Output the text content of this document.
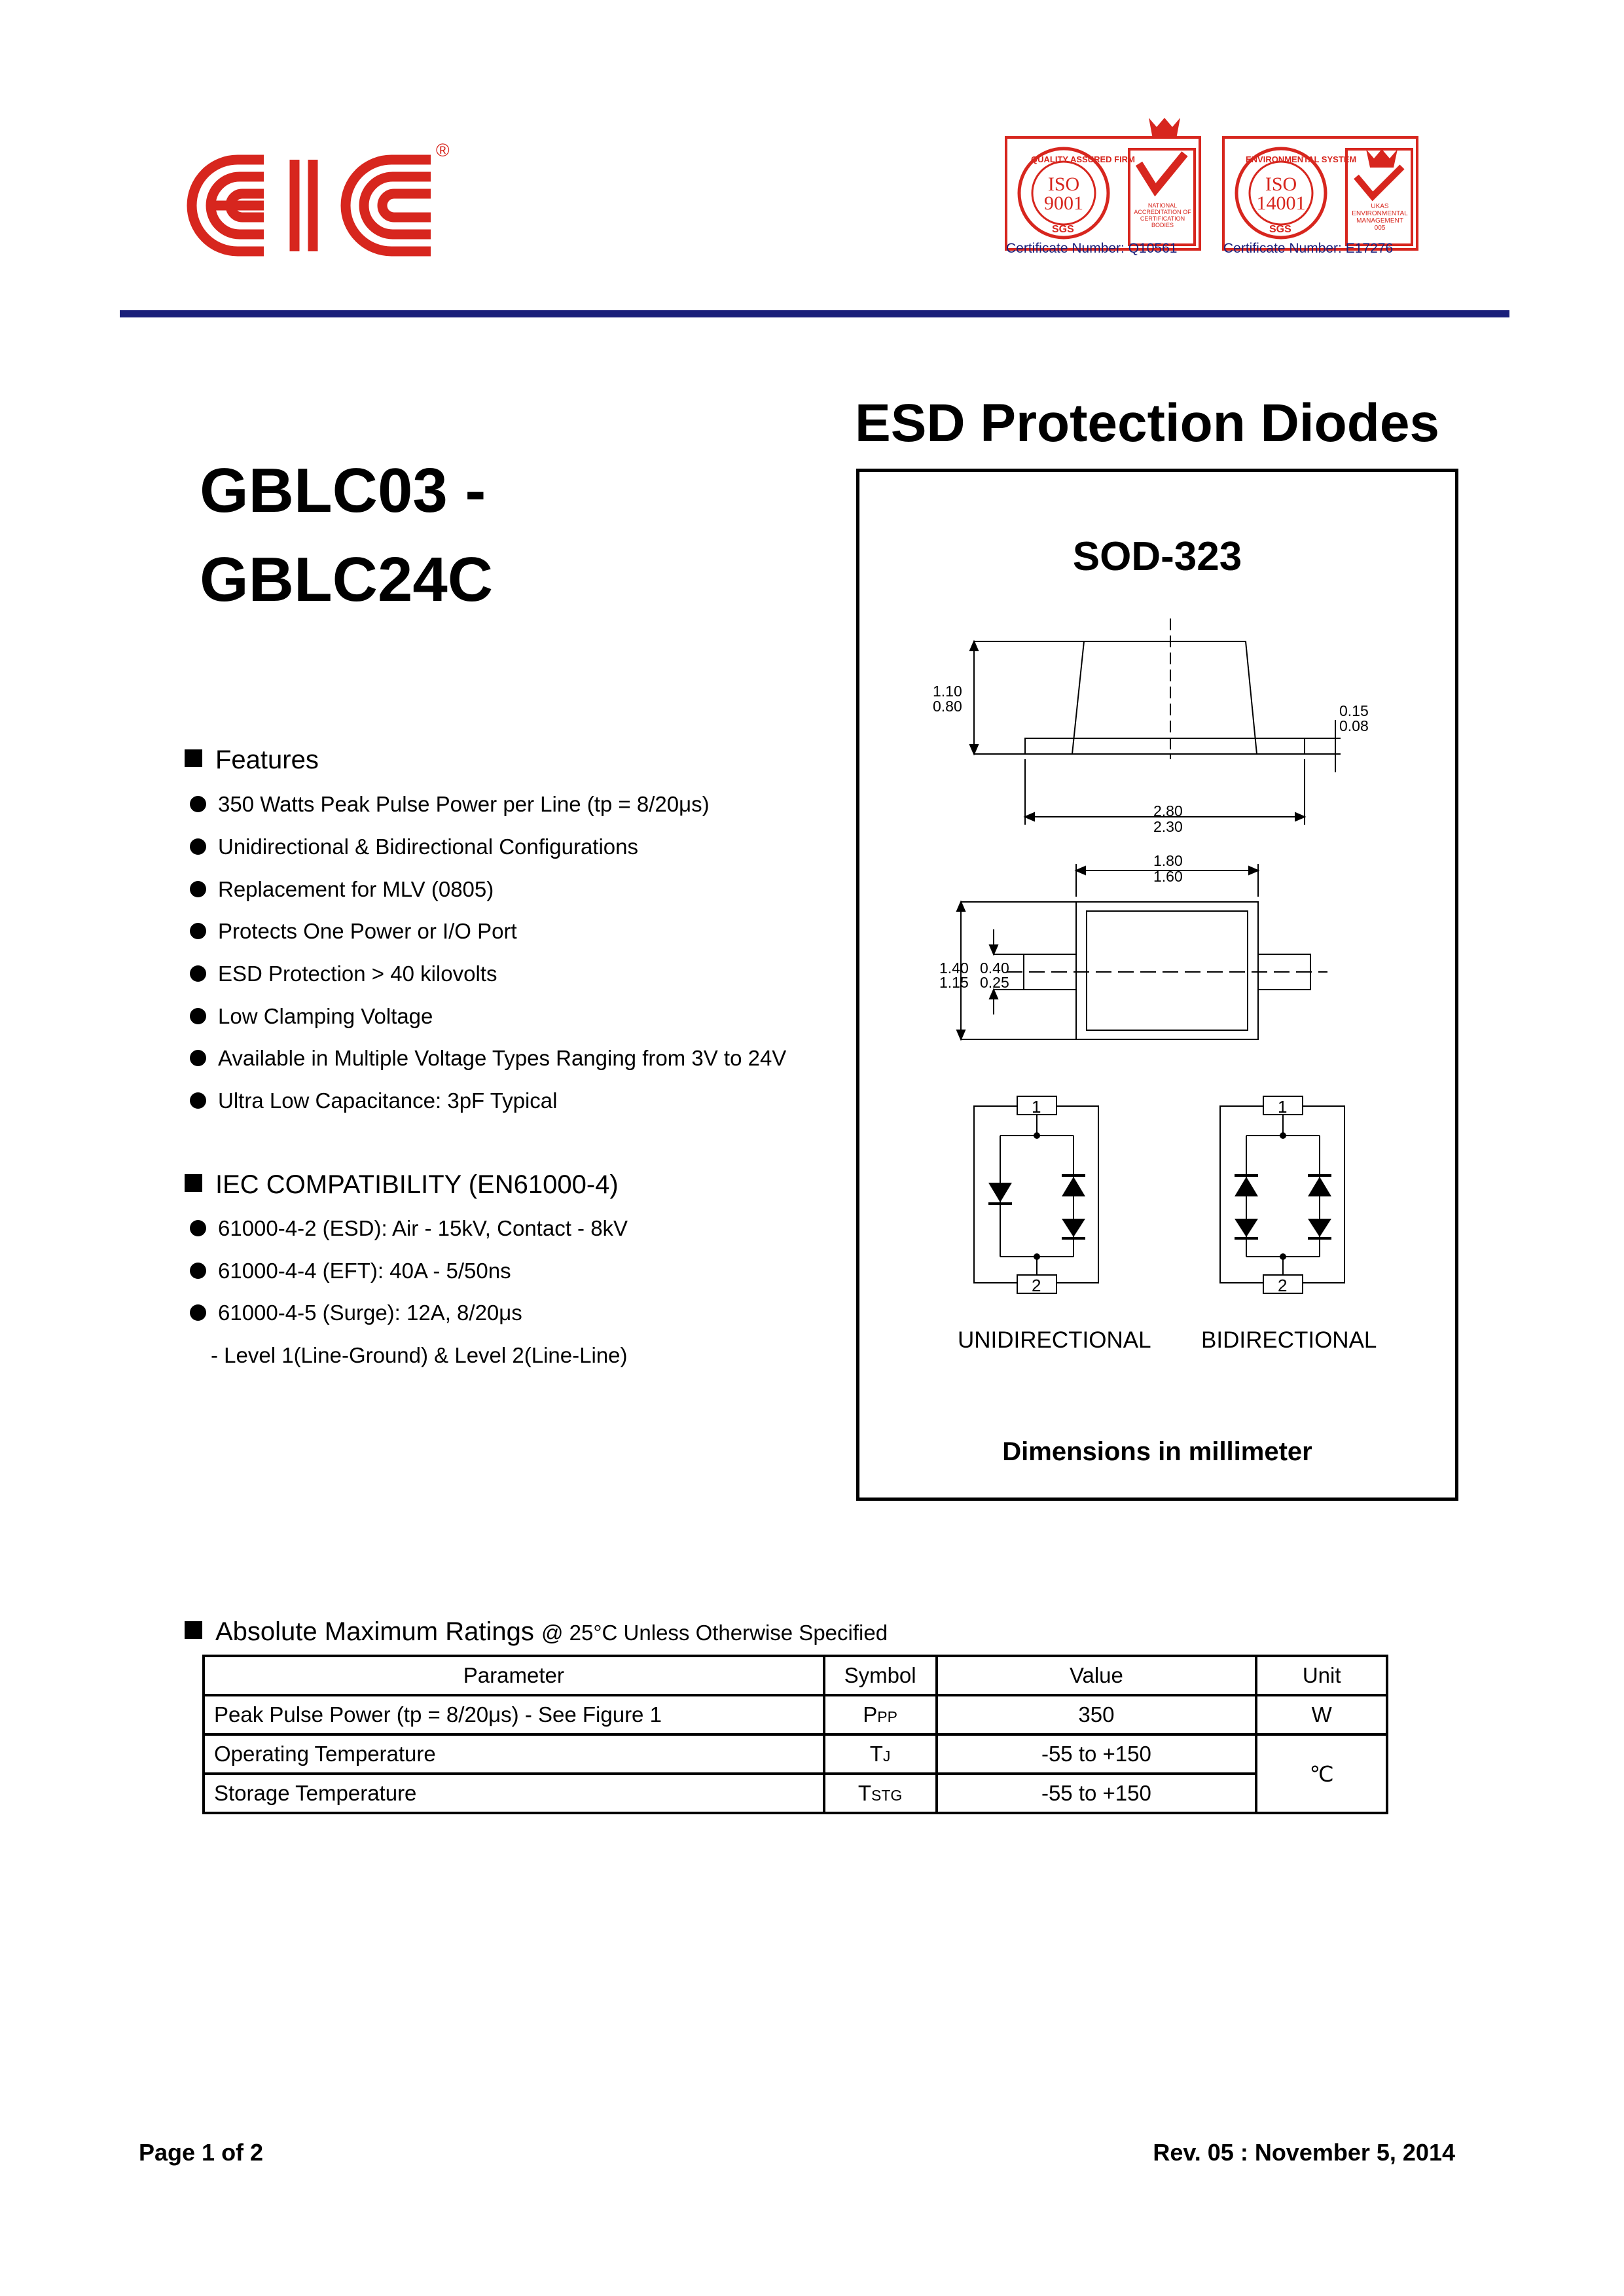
®	QUALITY ASSURED FIRM
ISO 9001
SGS
NATIONAL ACCREDITATION OF CERTIFICATION BODIES
Certificate Number: Q10561
ENVIRONMENTAL SYSTEM
ISO 14001
SGS
UKAS ENVIRONMENTAL MANAGEMENT 005
Certificate Number: E17276
GBLC03 -
GBLC24C
ESD Protection Diodes
SOD-323
1.10
0.80	0.15
0.08
2.80
2.30
1.80
1.60
1.40
1.15
0.40
0.25
1
2
1
2
UNIDIRECTIONAL BIDIRECTIONAL
Dimensions in millimeter
Features
350 Watts Peak Pulse Power per Line (tp = 8/20μs)
Unidirectional & Bidirectional Configurations
Replacement for MLV (0805)
Protects One Power or I/O Port
ESD Protection > 40 kilovolts
Low Clamping Voltage
Available in Multiple Voltage Types Ranging from 3V to 24V
Ultra Low Capacitance: 3pF Typical
IEC COMPATIBILITY (EN61000-4)
61000-4-2 (ESD): Air - 15kV, Contact - 8kV
61000-4-4 (EFT): 40A - 5/50ns
61000-4-5 (Surge): 12A, 8/20μs
- Level 1(Line-Ground) & Level 2(Line-Line)
Absolute Maximum Ratings @ 25°C Unless Otherwise Specified
Parameter	Symbol	Value	Unit
Peak Pulse Power (tp = 8/20μs) - See Figure 1	PPP	350	W
Operating Temperature	TJ	-55 to +150	℃
Storage Temperature	TSTG	-55 to +150	
Page 1 of 2	Rev. 05 : November 5, 2014
